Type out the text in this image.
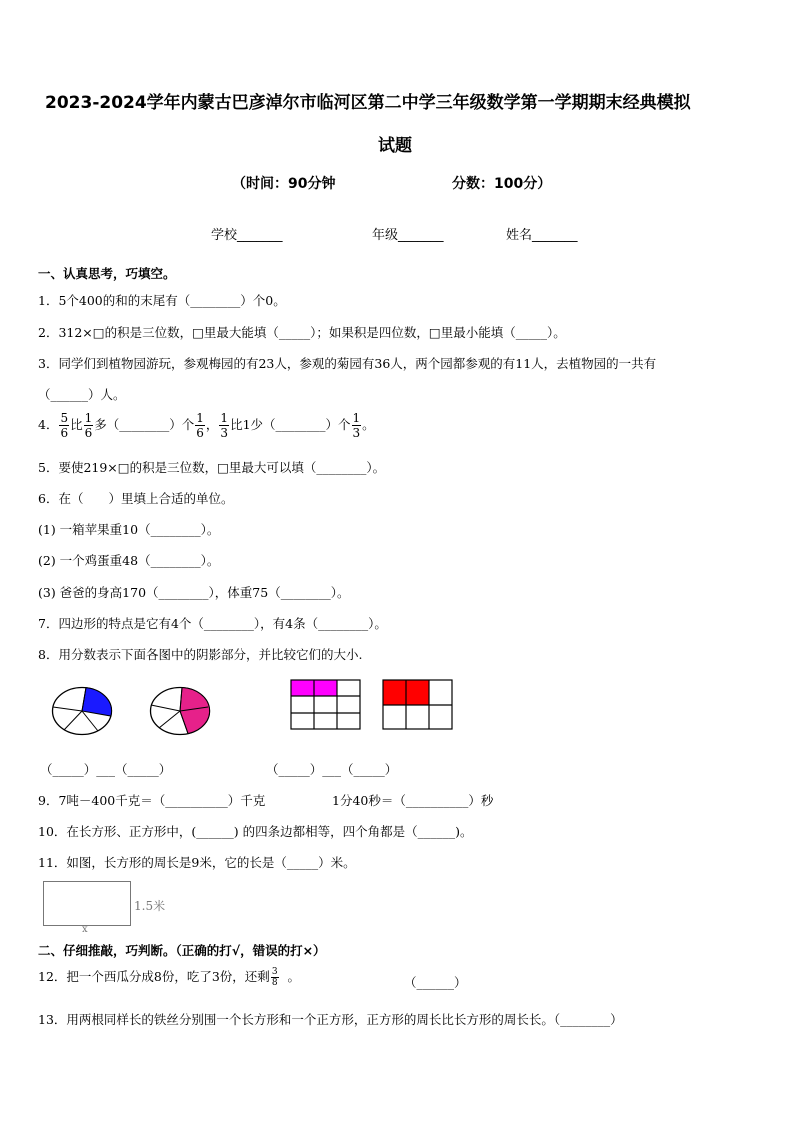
2023-2024学年内蒙古巴彦淖尔市临河区第二中学三年级数学第一学期期末经典模拟
试题
（时间：90分钟	分数：100分）
学校_______	年级_______	姓名_______
一、认真思考，巧填空。
1．5个400的和的末尾有（________）个0。
2．312×□的积是三位数，□里最大能填（_____）；如果积是四位数，□里最小能填（_____）。
3．同学们到植物园游玩，参观梅园的有23人，参观的菊园有36人，两个园都参观的有11人，去植物园的一共有
（______）人。
4． $\frac{5}{6}$ 比 $\frac{1}{6}$ 多（________）个 $\frac{1}{6}$ ， $\frac{1}{3}$ 比1少（________）个 $\frac{1}{3}$ 。
5．要使219×□的积是三位数，□里最大可以填（________）。
6．在（　　）里填上合适的单位。
(1) 一箱苹果重10（________）。
(2) 一个鸡蛋重48（________）。
(3) 爸爸的身高170（________），体重75（________）。
7．四边形的特点是它有4个（________），有4条（________）。
8．用分数表示下面各图中的阴影部分，并比较它们的大小.
（_____）___（_____）	（_____）___（_____）
9．7吨－400千克＝（__________）千克	1分40秒＝（__________）秒
10．在长方形、正方形中，(______) 的四条边都相等，四个角都是（______)。
11．如图，长方形的周长是9米，它的长是（_____）米。
1.5米
x
二、仔细推敲，巧判断。（正确的打√，错误的打×）
12．把一个西瓜分成8份，吃了3份，还剩 $\frac{3}{8}$ 。	（______）
13．用两根同样长的铁丝分别围一个长方形和一个正方形，正方形的周长比长方形的周长长。（________）
